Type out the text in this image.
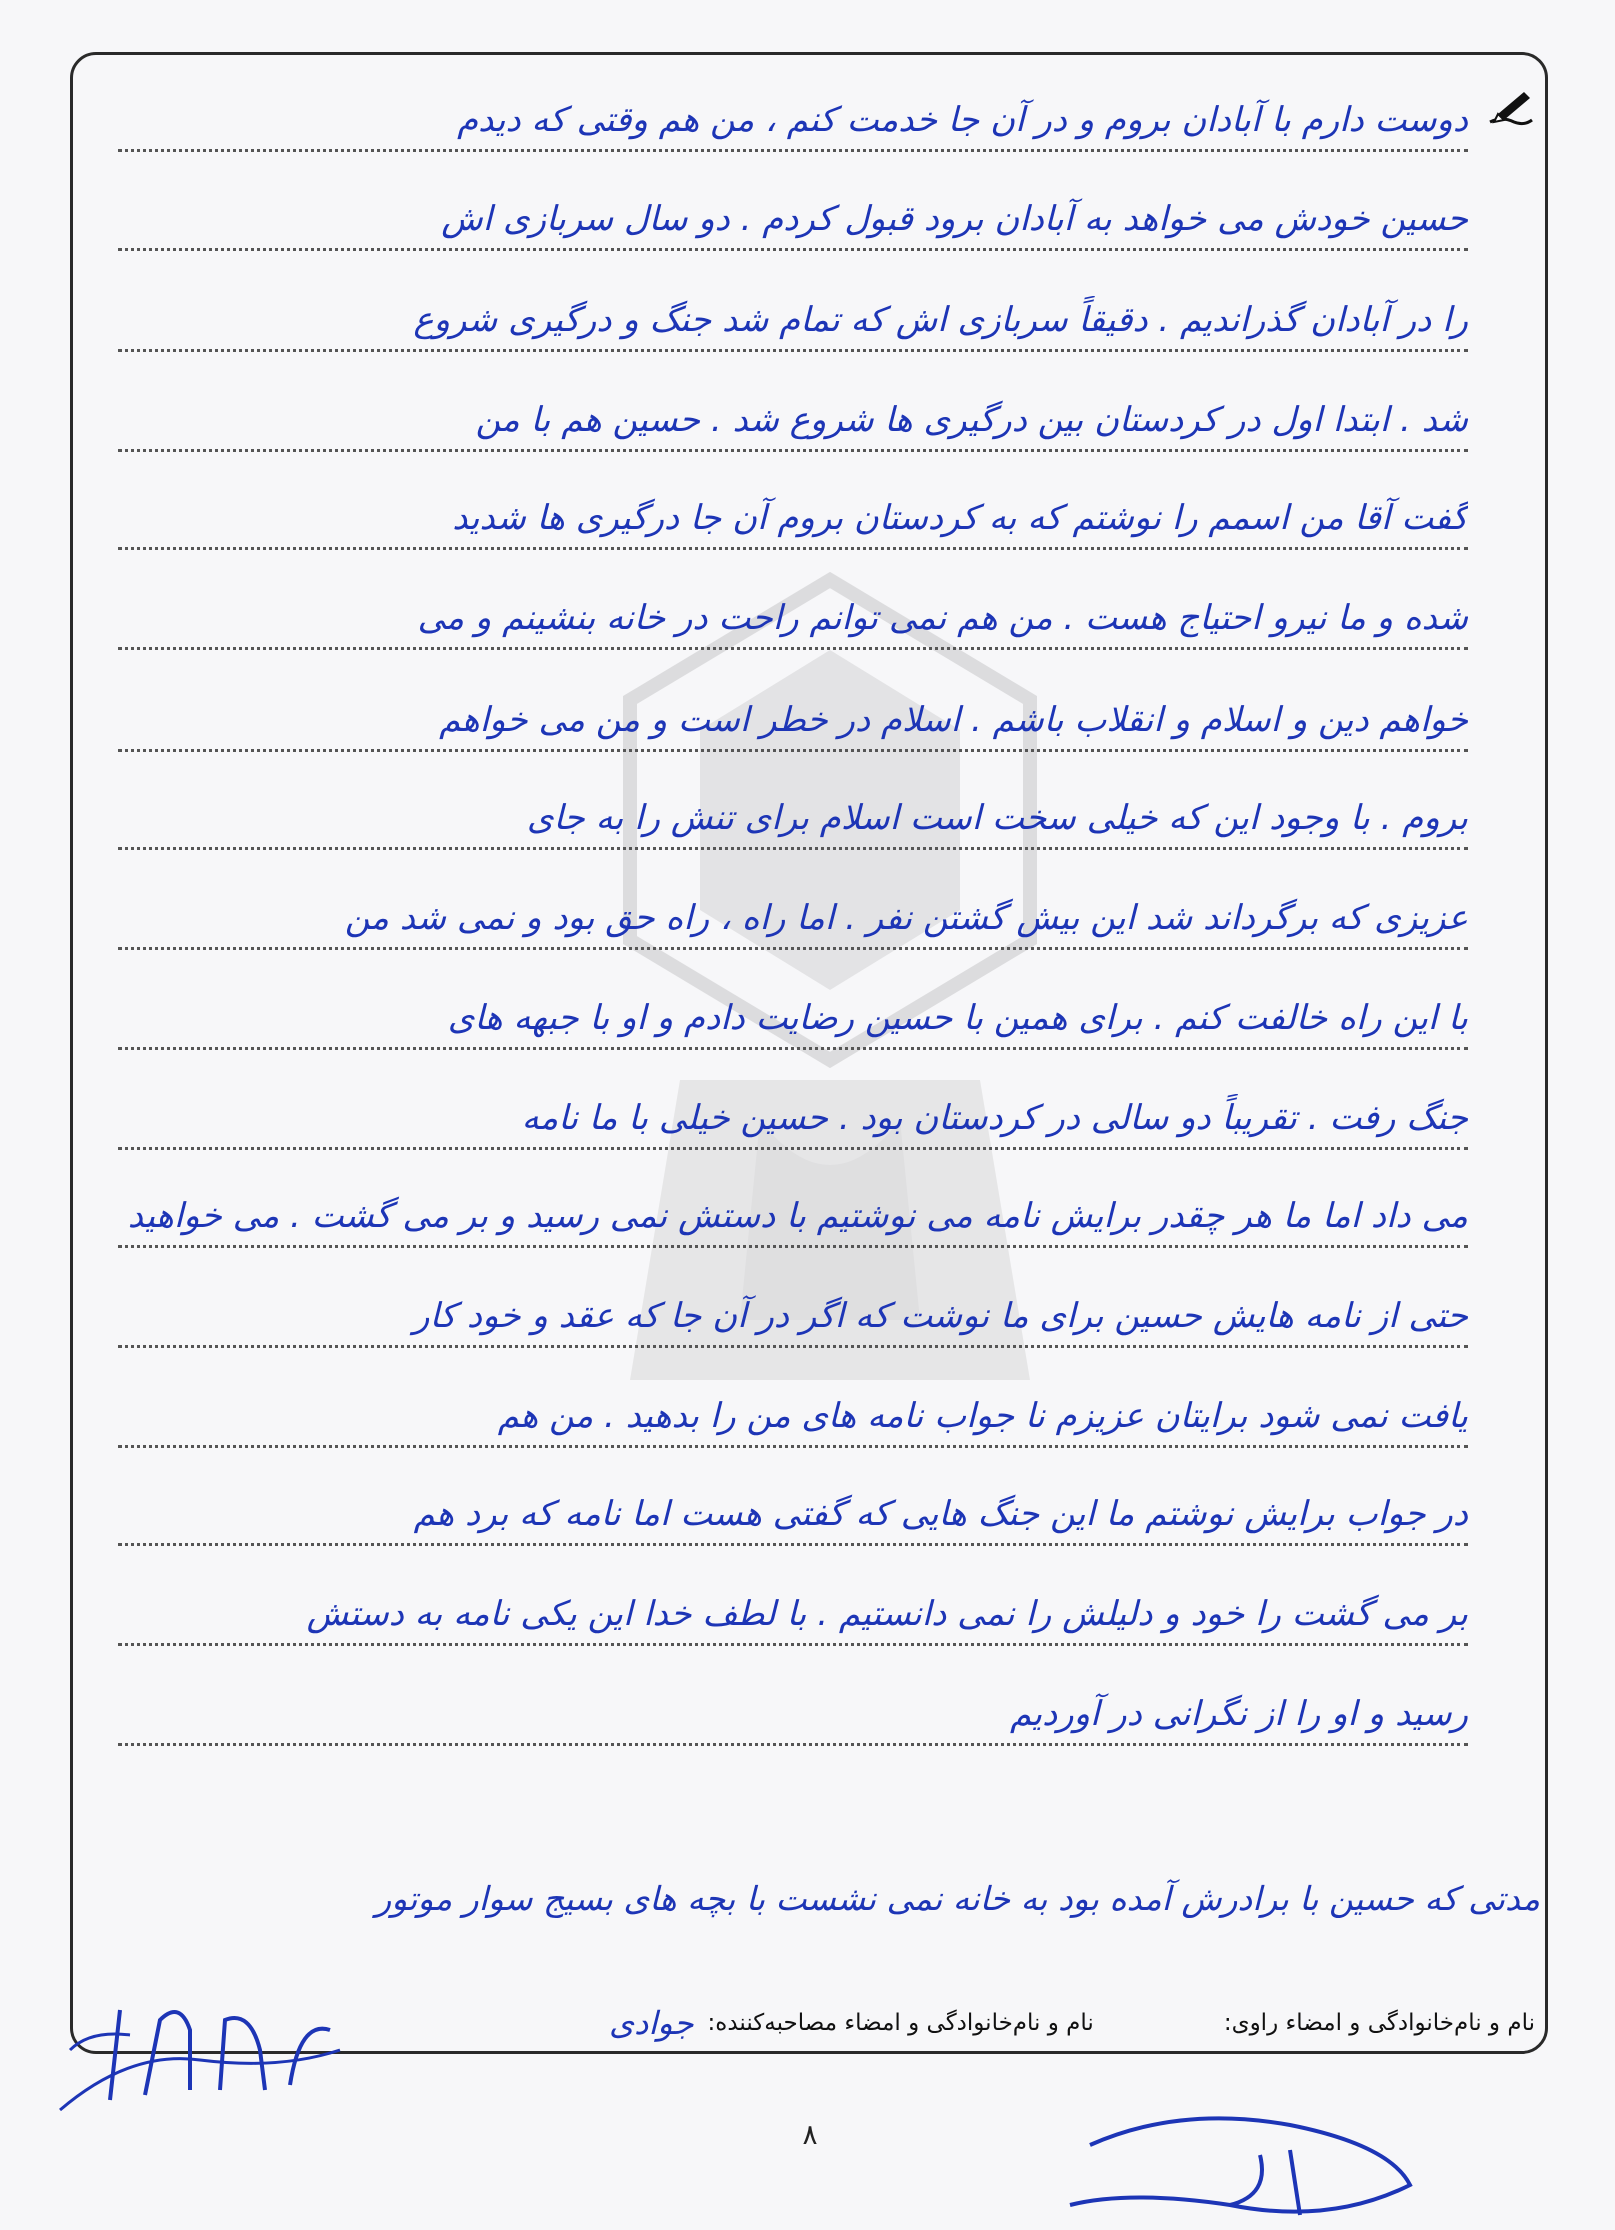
دوست دارم با آبادان بروم و در آن جا خدمت کنم ، من هم وقتی که دیدم
حسین خودش می خواهد به آبادان برود قبول کردم . دو سال سربازی اش
را در آبادان گذراندیم . دقیقاً سربازی اش که تمام شد جنگ و درگیری شروع
شد . ابتدا اول در کردستان بین درگیری ها شروع شد . حسین هم با من
گفت آقا من اسمم را نوشتم که به کردستان بروم آن جا درگیری ها شدید
شده و ما نیرو احتیاج هست . من هم نمی توانم راحت در خانه بنشینم و می
خواهم دین و اسلام و انقلاب باشم . اسلام در خطر است و من می خواهم
بروم . با وجود این که خیلی سخت است اسلام برای تنش را به جای
عزیزی که برگرداند شد این بیش گشتن نفر . اما راه ، راه حق بود و نمی شد من
با این راه خالفت کنم . برای همین با حسین رضایت دادم و او با جبهه های
جنگ رفت . تقریباً دو سالی در کردستان بود . حسین خیلی با ما نامه
می داد اما ما هر چقدر برایش نامه می نوشتیم با دستش نمی رسید و بر می گشت . می خواهید
حتی از نامه هایش حسین برای ما نوشت که اگر در آن جا که عقد و خود کار
یافت نمی شود برایتان عزیزم نا جواب نامه های من را بدهید . من هم
در جواب برایش نوشتم ما این جنگ هایی که گفتی هست اما نامه که برد هم
بر می گشت را خود و دلیلش را نمی دانستیم . با لطف خدا این یکی نامه به دستش
رسید و او را از نگرانی در آوردیم
مدتی که حسین با برادرش آمده بود به خانه نمی نشست با بچه های بسیج سوار موتور
نام و نام‌خانوادگی و امضاء راوی:
نام و نام‌خانوادگی و امضاء مصاحبه‌کننده:
جوادی
۸
